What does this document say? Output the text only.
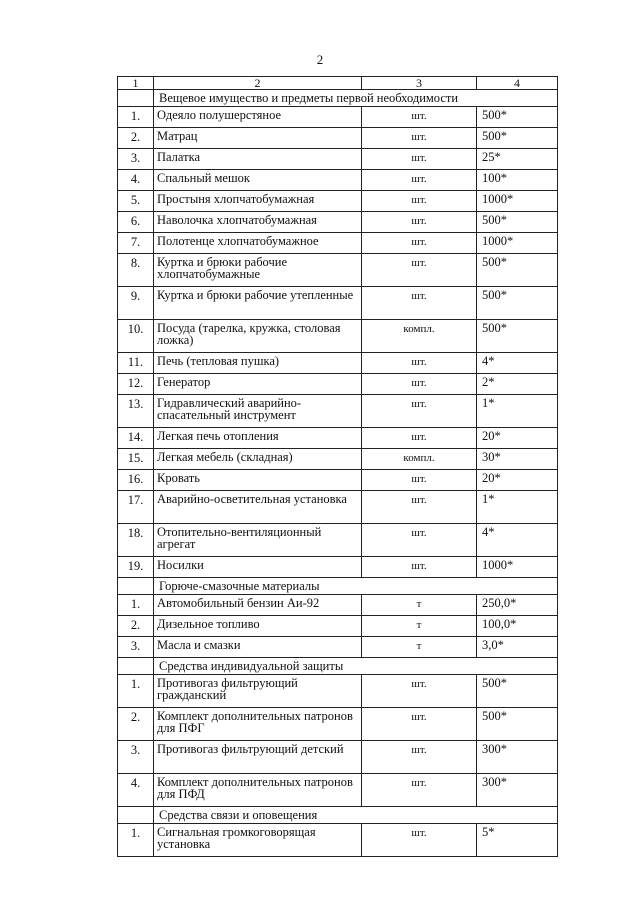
2
1	2	3	4
	Вещевое имущество и предметы первой необходимости		
1.	Одеяло полушерстяное	шт.	500*
2.	Матрац	шт.	500*
3.	Палатка	шт.	25*
4.	Спальный мешок	шт.	100*
5.	Простыня хлопчатобумажная	шт.	1000*
6.	Наволочка хлопчатобумажная	шт.	500*
7.	Полотенце хлопчатобумажное	шт.	1000*
8.	Куртка и брюки рабочие хлопчатобумажные	шт.	500*
9.	Куртка и брюки рабочие утепленные	шт.	500*
10.	Посуда (тарелка, кружка, столовая ложка)	компл.	500*
11.	Печь (тепловая пушка)	шт.	4*
12.	Генератор	шт.	2*
13.	Гидравлический аварийно-спасательный инструмент	шт.	1*
14.	Легкая печь отопления	шт.	20*
15.	Легкая мебель (складная)	компл.	30*
16.	Кровать	шт.	20*
17.	Аварийно-осветительная установка	шт.	1*
18.	Отопительно-вентиляционный агрегат	шт.	4*
19.	Носилки	шт.	1000*
	Горюче-смазочные материалы		
1.	Автомобильный бензин Аи-92	т	250,0*
2.	Дизельное топливо	т	100,0*
3.	Масла и смазки	т	3,0*
	Средства индивидуальной защиты		
1.	Противогаз фильтрующий гражданский	шт.	500*
2.	Комплект дополнительных патронов для ПФГ	шт.	500*
3.	Противогаз фильтрующий детский	шт.	300*
4.	Комплект дополнительных патронов для ПФД	шт.	300*
	Средства связи и оповещения		
1.	Сигнальная громкоговорящая установка	шт.	5*
